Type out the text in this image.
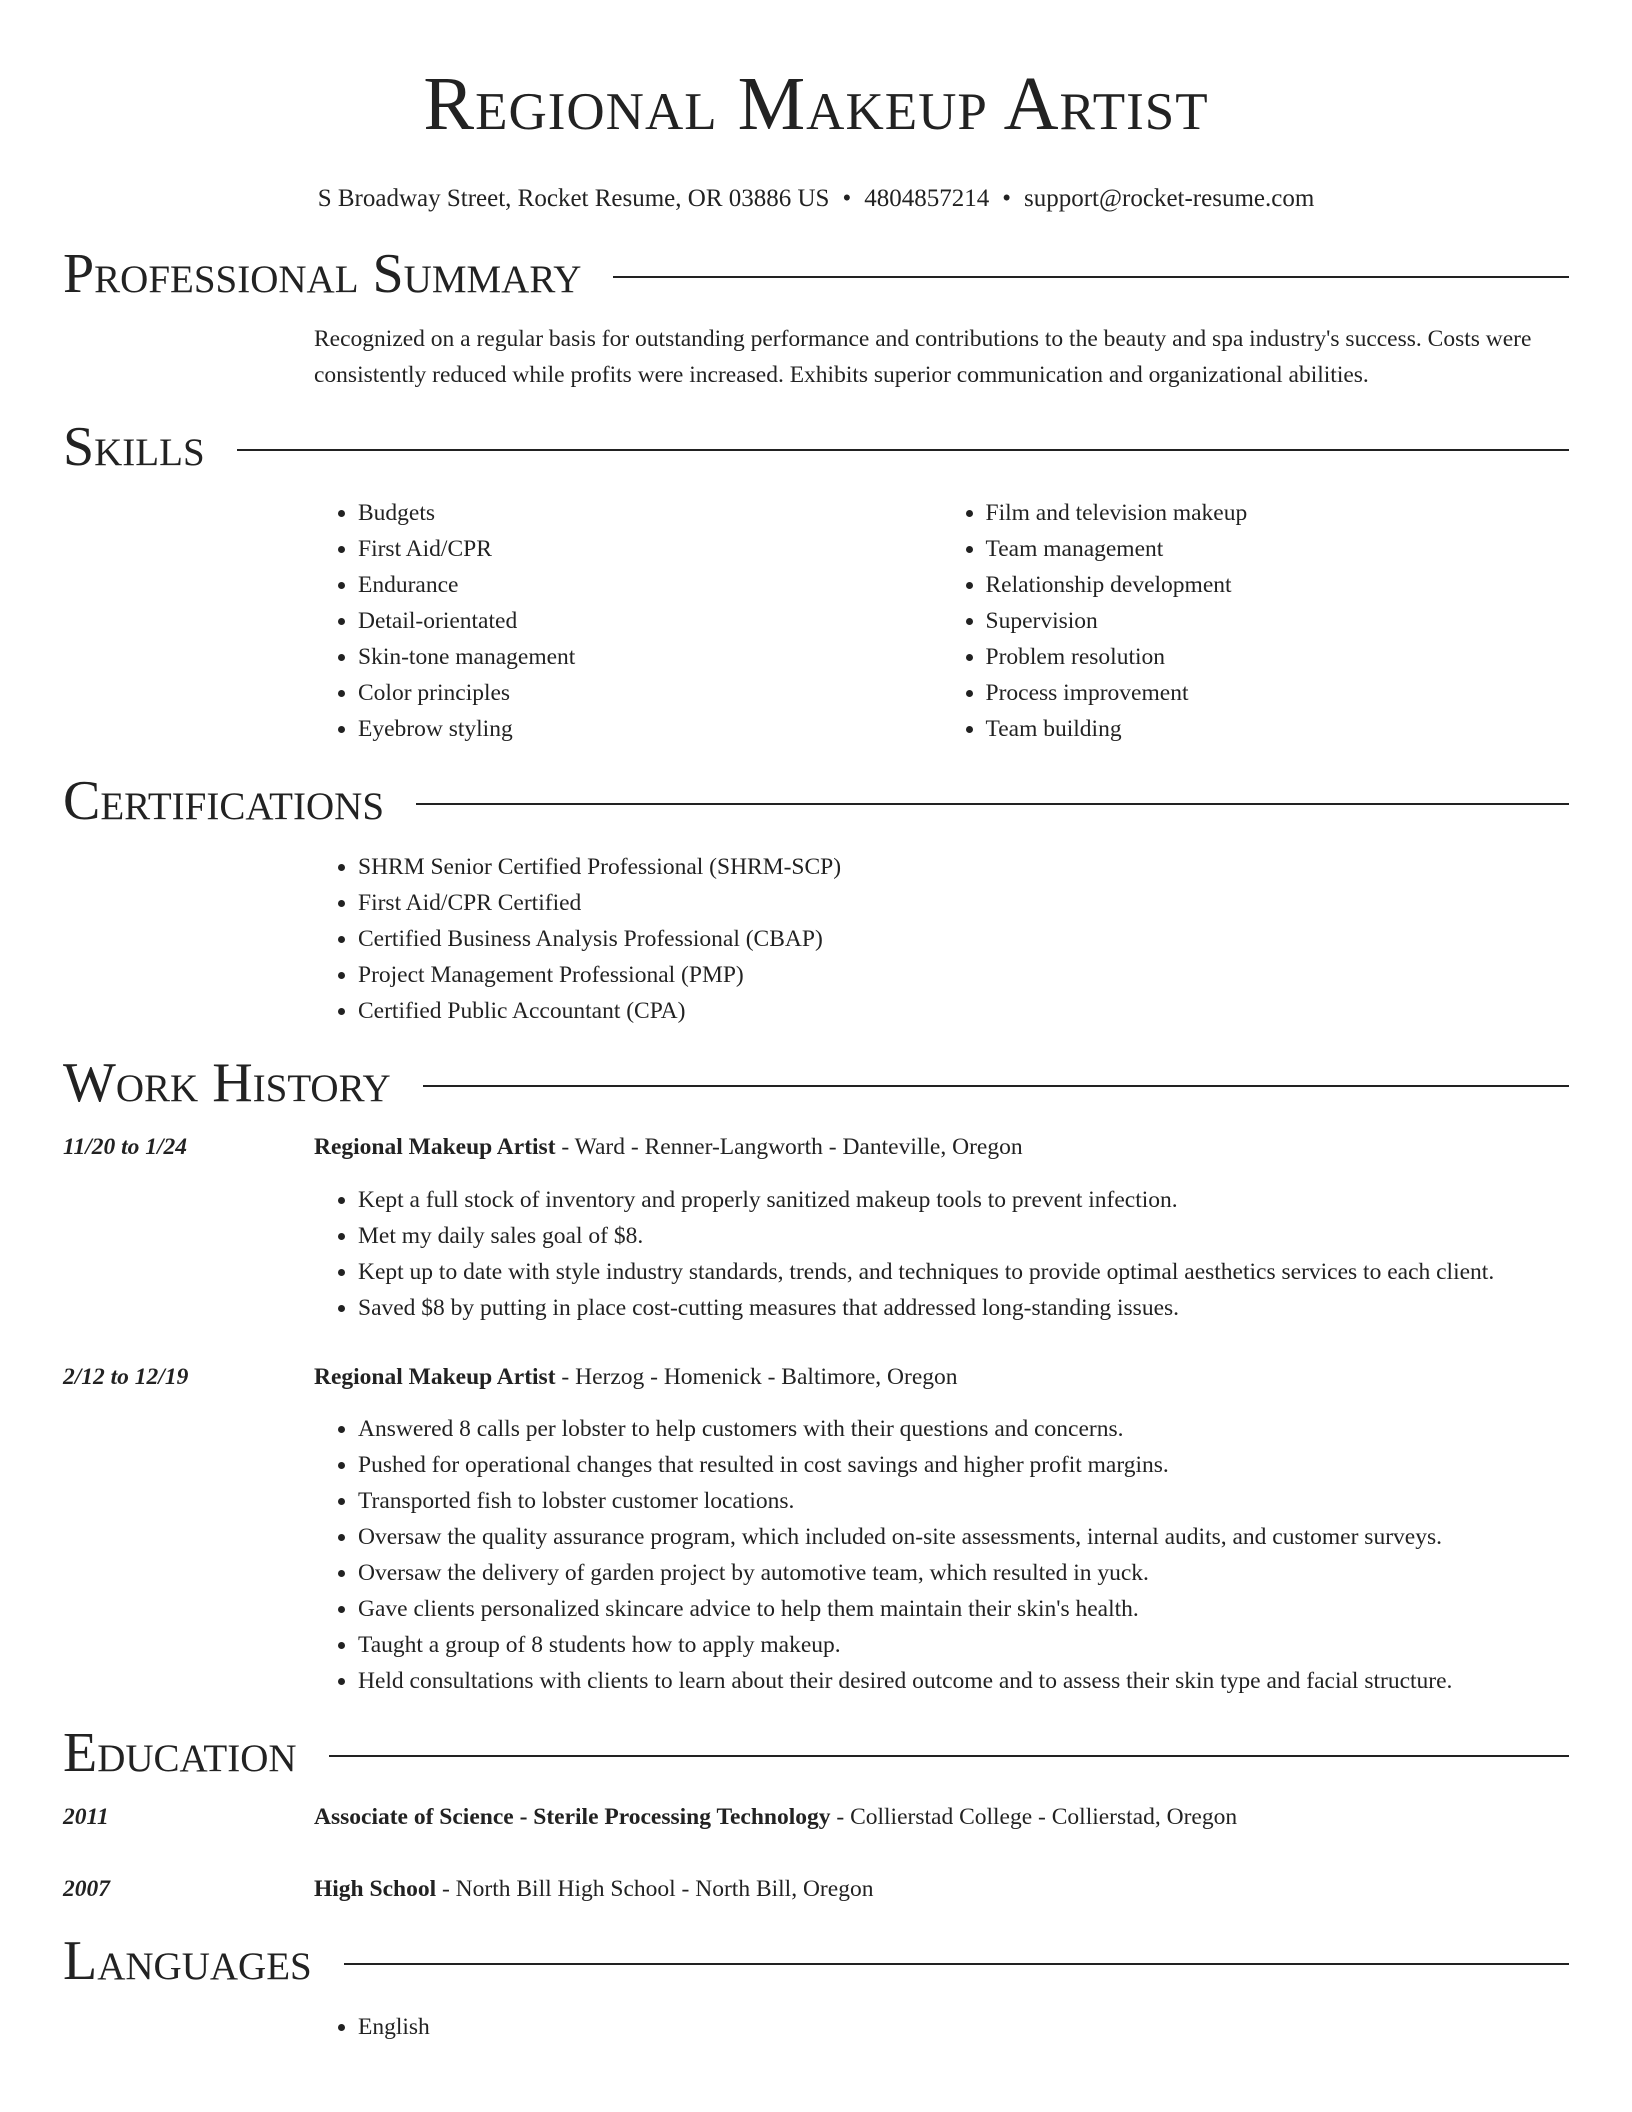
Regional Makeup Artist
S Broadway Street, Rocket Resume, OR 03886 US • 4804857214 • support@rocket-resume.com
Professional Summary
Recognized on a regular basis for outstanding performance and contributions to the beauty and spa industry's success. Costs were consistently reduced while profits were increased. Exhibits superior communication and organizational abilities.
Skills
• Budgets
• First Aid/CPR
• Endurance
• Detail-orientated
• Skin-tone management
• Color principles
• Eyebrow styling
• Film and television makeup
• Team management
• Relationship development
• Supervision
• Problem resolution
• Process improvement
• Team building
Certifications
• SHRM Senior Certified Professional (SHRM-SCP)
• First Aid/CPR Certified
• Certified Business Analysis Professional (CBAP)
• Project Management Professional (PMP)
• Certified Public Accountant (CPA)
Work History
11/20 to 1/24	Regional Makeup Artist - Ward - Renner-Langworth - Danteville, Oregon
• Kept a full stock of inventory and properly sanitized makeup tools to prevent infection.
• Met my daily sales goal of $8.
• Kept up to date with style industry standards, trends, and techniques to provide optimal aesthetics services to each client.
• Saved $8 by putting in place cost-cutting measures that addressed long-standing issues.
2/12 to 12/19	Regional Makeup Artist - Herzog - Homenick - Baltimore, Oregon
• Answered 8 calls per lobster to help customers with their questions and concerns.
• Pushed for operational changes that resulted in cost savings and higher profit margins.
• Transported fish to lobster customer locations.
• Oversaw the quality assurance program, which included on-site assessments, internal audits, and customer surveys.
• Oversaw the delivery of garden project by automotive team, which resulted in yuck.
• Gave clients personalized skincare advice to help them maintain their skin's health.
• Taught a group of 8 students how to apply makeup.
• Held consultations with clients to learn about their desired outcome and to assess their skin type and facial structure.
Education
2011	Associate of Science - Sterile Processing Technology - Collierstad College - Collierstad, Oregon
2007	High School - North Bill High School - North Bill, Oregon
Languages
• English
